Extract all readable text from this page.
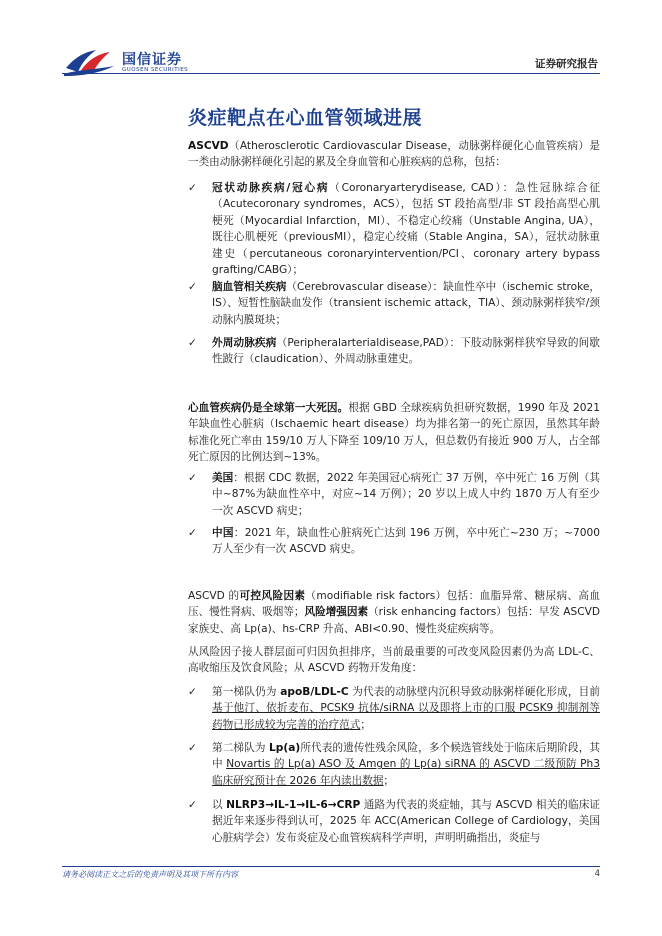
国信证券
GUOSEN SECURITIES	证券研究报告
炎症靶点在心血管领域进展

ASCVD（Atherosclerotic Cardiovascular Disease，动脉粥样硬化心血管疾病）是一类由动脉粥样硬化引起的累及全身血管和心脏疾病的总称，包括：

✓	冠状动脉疾病/冠心病（Coronaryarterydisease, CAD）：急性冠脉综合征（Acutecoronary syndromes，ACS），包括 ST 段抬高型/非 ST 段抬高型心肌梗死（Myocardial Infarction，MI）、不稳定心绞痛（Unstable Angina, UA），既往心肌梗死（previousMI），稳定心绞痛（Stable Angina，SA），冠状动脉重建史（percutaneous coronaryintervention/PCI、coronary artery bypass grafting/CABG）；
✓	脑血管相关疾病（Cerebrovascular disease）：缺血性卒中（ischemic stroke，IS）、短暂性脑缺血发作（transient ischemic attack，TIA）、颈动脉粥样狭窄/颈动脉内膜斑块；
✓	外周动脉疾病（Peripheralarterialdisease,PAD）：下肢动脉粥样狭窄导致的间歇性跛行（claudication）、外周动脉重建史。

心血管疾病仍是全球第一大死因。根据 GBD 全球疾病负担研究数据，1990 年及 2021 年缺血性心脏病（Ischaemic heart disease）均为排名第一的死亡原因，虽然其年龄标准化死亡率由 159/10 万人下降至 109/10 万人，但总数仍有接近 900 万人，占全部死亡原因的比例达到~13%。

✓	美国：根据 CDC 数据，2022 年美国冠心病死亡 37 万例，卒中死亡 16 万例（其中~87%为缺血性卒中，对应~14 万例）；20 岁以上成人中约 1870 万人有至少一次 ASCVD 病史；
✓	中国：2021 年，缺血性心脏病死亡达到 196 万例，卒中死亡~230 万；~7000 万人至少有一次 ASCVD 病史。

ASCVD 的可控风险因素（modifiable risk factors）包括：血脂异常、糖尿病、高血压、慢性肾病、吸烟等；风险增强因素（risk enhancing factors）包括：早发 ASCVD 家族史、高 Lp(a)、hs-CRP 升高、ABI<0.90、慢性炎症疾病等。

从风险因子接人群层面可归因负担排序，当前最重要的可改变风险因素仍为高 LDL-C、高收缩压及饮食风险；从 ASCVD 药物开发角度：

✓	第一梯队仍为 apoB/LDL-C 为代表的动脉壁内沉积导致动脉粥样硬化形成，目前基于他汀、依折麦布、PCSK9 抗体/siRNA 以及即将上市的口服 PCSK9 抑制剂等药物已形成较为完善的治疗范式；
✓	第二梯队为 Lp(a)所代表的遗传性残余风险，多个候选管线处于临床后期阶段，其中 Novartis 的 Lp(a) ASO 及 Amgen 的 Lp(a) siRNA 的 ASCVD 二级预防 Ph3 临床研究预计在 2026 年内读出数据；
✓	以 NLRP3→IL-1→IL-6→CRP 通路为代表的炎症轴，其与 ASCVD 相关的临床证据近年来逐步得到认可，2025 年 ACC(American College of Cardiology，美国心脏病学会）发布炎症及心血管疾病科学声明，声明明确指出，炎症与
请务必阅读正文之后的免责声明及其项下所有内容	4
